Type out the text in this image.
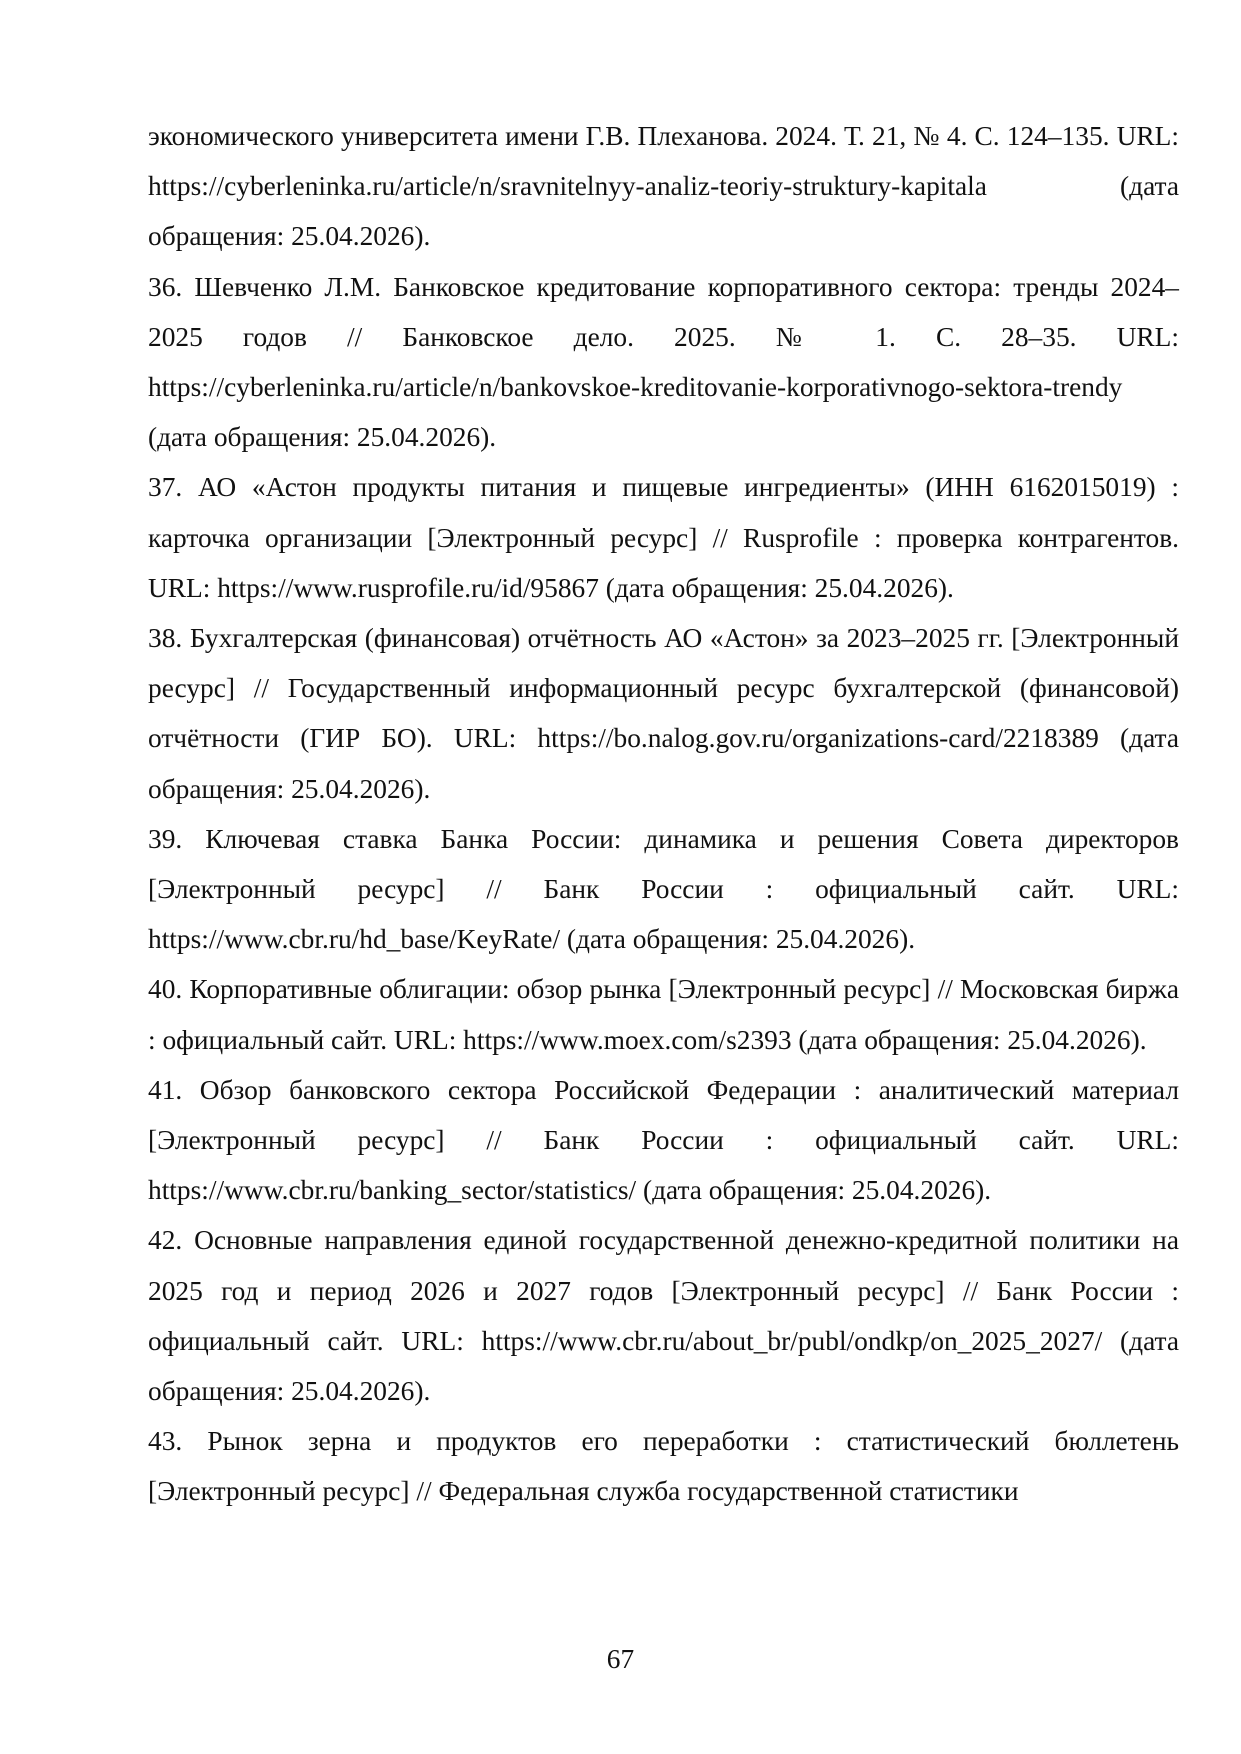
экономического университета имени Г.В. Плеханова. 2024. Т. 21, № 4. С. 124–135. URL: https://cyberleninka.ru/article/n/sravnitelnyy-analiz-teoriy-struktury-kapitala (дата обращения: 25.04.2026).

36. Шевченко Л.М. Банковское кредитование корпоративного сектора: тренды 2024–2025 годов // Банковское дело. 2025. № 1. С. 28–35. URL: https://cyberleninka.ru/article/n/bankovskoe-kreditovanie-korporativnogo-sektora-trendy (дата обращения: 25.04.2026).

37. АО «Астон продукты питания и пищевые ингредиенты» (ИНН 6162015019) : карточка организации [Электронный ресурс] // Rusprofile : проверка контрагентов. URL: https://www.rusprofile.ru/id/95867 (дата обращения: 25.04.2026).

38. Бухгалтерская (финансовая) отчётность АО «Астон» за 2023–2025 гг. [Электронный ресурс] // Государственный информационный ресурс бухгалтерской (финансовой) отчётности (ГИР БО). URL: https://bo.nalog.gov.ru/organizations-card/2218389 (дата обращения: 25.04.2026).

39. Ключевая ставка Банка России: динамика и решения Совета директоров [Электронный ресурс] // Банк России : официальный сайт. URL: https://www.cbr.ru/hd_base/KeyRate/ (дата обращения: 25.04.2026).

40. Корпоративные облигации: обзор рынка [Электронный ресурс] // Московская биржа : официальный сайт. URL: https://www.moex.com/s2393 (дата обращения: 25.04.2026).

41. Обзор банковского сектора Российской Федерации : аналитический материал [Электронный ресурс] // Банк России : официальный сайт. URL: https://www.cbr.ru/banking_sector/statistics/ (дата обращения: 25.04.2026).

42. Основные направления единой государственной денежно-кредитной политики на 2025 год и период 2026 и 2027 годов [Электронный ресурс] // Банк России : официальный сайт. URL: https://www.cbr.ru/about_br/publ/ondkp/on_2025_2027/ (дата обращения: 25.04.2026).

43. Рынок зерна и продуктов его переработки : статистический бюллетень [Электронный ресурс] // Федеральная служба государственной статистики

67
